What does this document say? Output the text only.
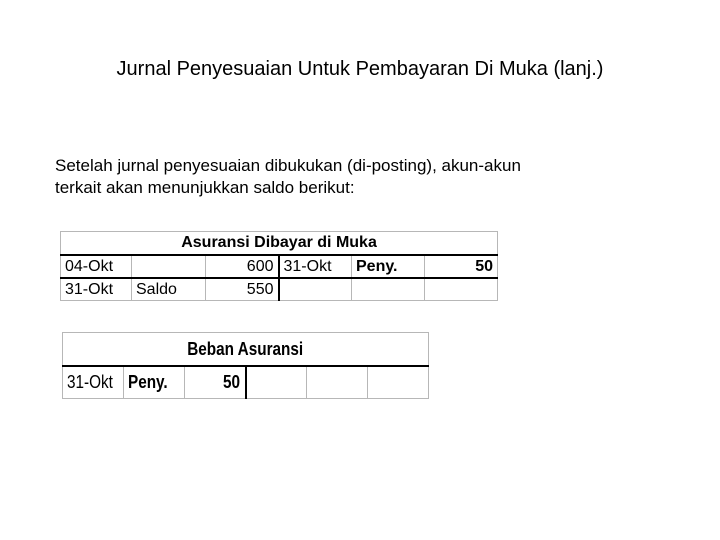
Jurnal Penyesuaian Untuk Pembayaran Di Muka (lanj.)
Setelah jurnal penyesuaian dibukukan (di-posting), akun-akun
terkait akan menunjukkan saldo berikut:
Asuransi Dibayar di Muka					
04-Okt		600	31-Okt	Peny.	50
31-Okt	Saldo	550			
Beban Asuransi
31-Okt	Peny.	50			
